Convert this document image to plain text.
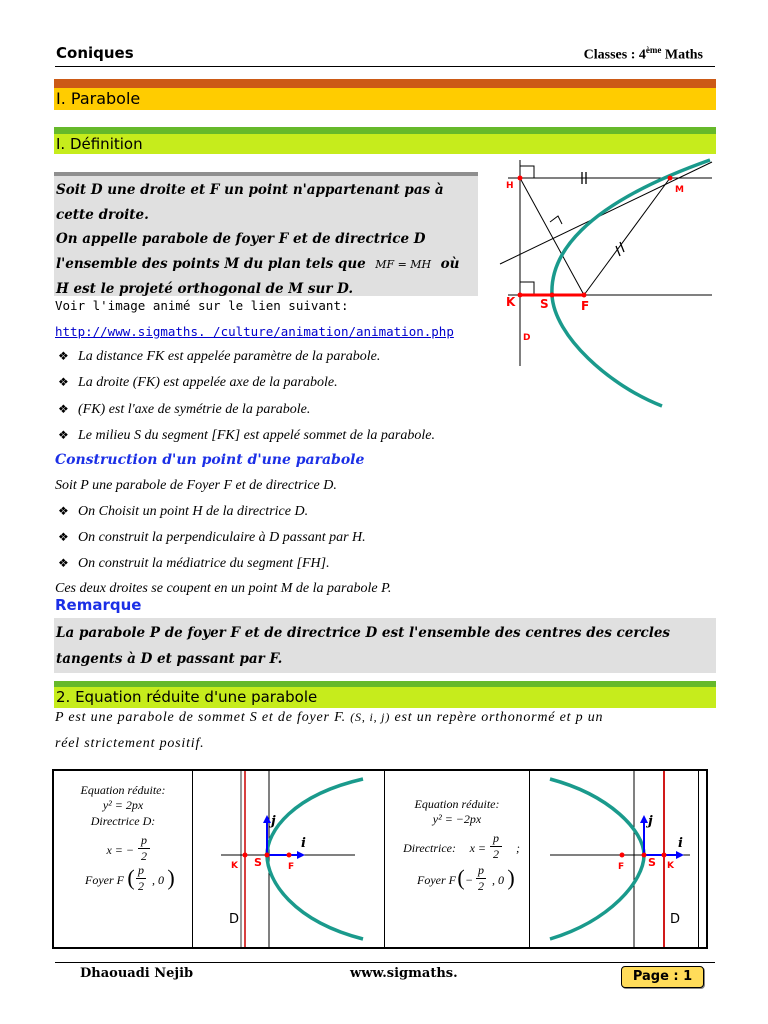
Coniques	Classes : 4ème Maths
I. Parabole
I. Définition

Soit D une droite et F un point n'appartenant pas à

cette droite.

On appelle parabole de foyer F et de directrice D

l'ensemble des points M du plan tels que MF = MH où

H est le projeté orthogonal de M sur D.

H	M
K S	F
D
Voir l'image animé sur le lien suivant:
http://www.sigmaths. /culture/animation/animation.php
❖ La distance FK est appelée paramètre de la parabole.
❖ La droite (FK) est appelée axe de la parabole.
❖ (FK) est l'axe de symétrie de la parabole.
❖ Le milieu S du segment [FK] est appelé sommet de la parabole.
Construction d'un point d'une parabole
Soit P une parabole de Foyer F et de directrice D.
❖ On Choisit un point H de la directrice D.
❖ On construit la perpendiculaire à D passant par H.
❖ On construit la médiatrice du segment [FH].
Ces deux droites se coupent en un point M de la parabole P.
Remarque

La parabole P de foyer F et de directrice D est l'ensemble des centres des cercles

tangents à D et passant par F.

2. Equation réduite d'une parabole
P est une parabole de sommet S et de foyer F. (S, i, j) est un repère orthonormé et p un
réel strictement positif.
Equation réduite:
y² = 2px
Directrice D:
x = −
p
2
Foyer F ( p
2 , 0 )	K S	F
i
j
D
Equation réduite:
y² = −2px
Directrice:	x =
p
2	;
Foyer F ( −
p
2 , 0 )	F S K
i
j
D
Dhaouadi Nejib	www.sigmaths.	Page : 1
